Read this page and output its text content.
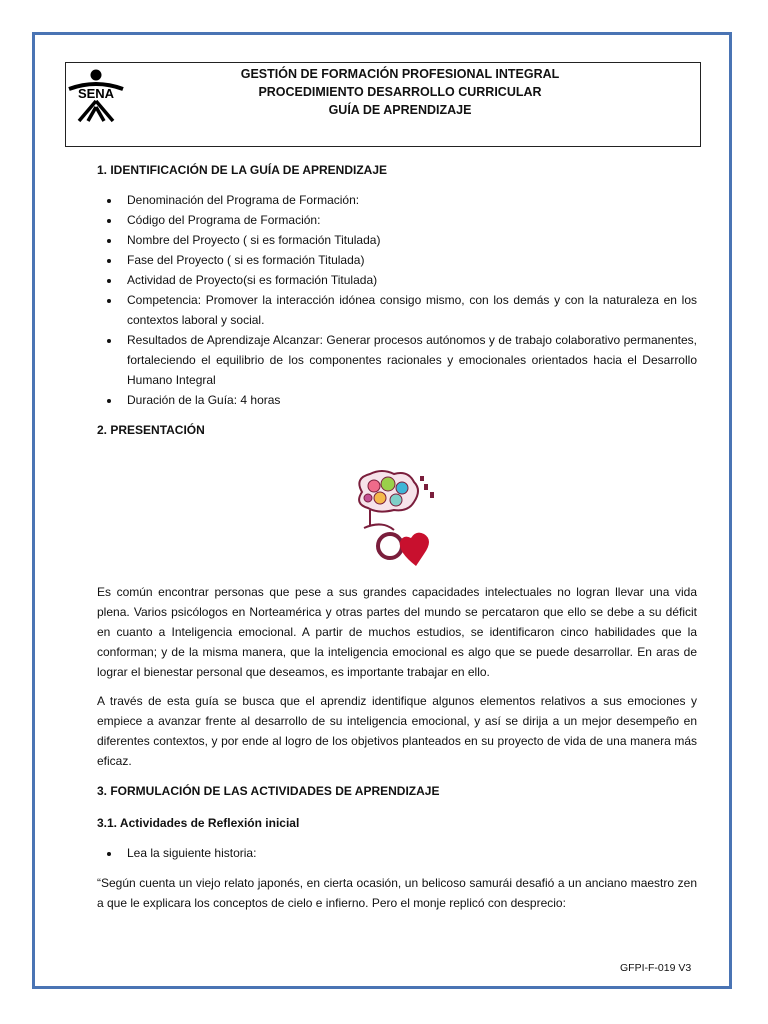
SENA
GESTIÓN DE FORMACIÓN PROFESIONAL INTEGRAL
PROCEDIMIENTO DESARROLLO CURRICULAR
GUÍA DE APRENDIZAJE
1. IDENTIFICACIÓN DE LA GUÍA DE APRENDIZAJE
• Denominación del Programa de Formación:
• Código del Programa de Formación:
• Nombre del Proyecto ( si es formación Titulada)
• Fase del Proyecto ( si es formación Titulada)
• Actividad de Proyecto(si es formación Titulada)
• Competencia: Promover la interacción idónea consigo mismo, con los demás y con la naturaleza en los contextos laboral y social.
• Resultados de Aprendizaje Alcanzar: Generar procesos autónomos y de trabajo colaborativo permanentes, fortaleciendo el equilibrio de los componentes racionales y emocionales orientados hacia el Desarrollo Humano Integral
• Duración de la Guía: 4 horas
2. PRESENTACIÓN

Es común encontrar personas que pese a sus grandes capacidades intelectuales no logran llevar una vida plena. Varios psicólogos en Norteamérica y otras partes del mundo se percataron que ello se debe a su déficit en cuanto a Inteligencia emocional. A partir de muchos estudios, se identificaron cinco habilidades que la conforman; y de la misma manera, que la inteligencia emocional es algo que se puede desarrollar. En aras de lograr el bienestar personal que deseamos, es importante trabajar en ello.

A través de esta guía se busca que el aprendiz identifique algunos elementos relativos a sus emociones y empiece a avanzar frente al desarrollo de su inteligencia emocional, y así se dirija a un mejor desempeño en diferentes contextos, y por ende al logro de los objetivos planteados en su proyecto de vida de una manera más eficaz.

3. FORMULACIÓN DE LAS ACTIVIDADES DE APRENDIZAJE
3.1. Actividades de Reflexión inicial
• Lea la siguiente historia:

“Según cuenta un viejo relato japonés, en cierta ocasión, un belicoso samurái desafió a un anciano maestro zen a que le explicara los conceptos de cielo e infierno. Pero el monje replicó con desprecio:

GFPI-F-019 V3
